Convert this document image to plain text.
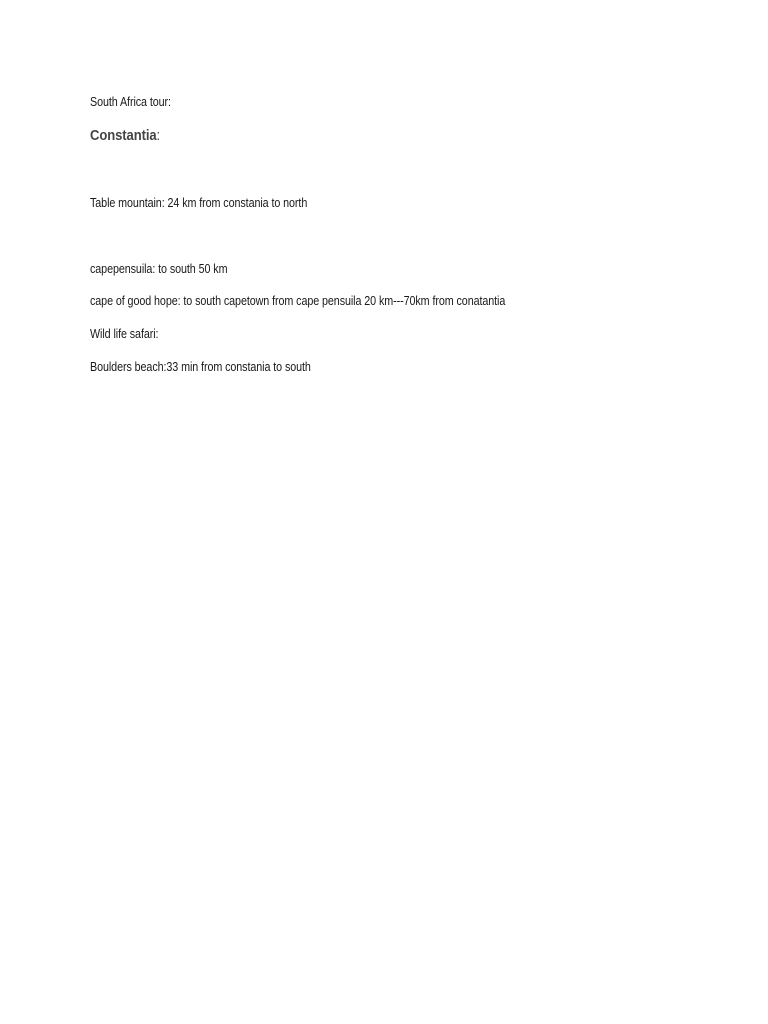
South Africa tour:
Constantia:
Table mountain: 24 km from constania to north
capepensuila: to south 50 km
cape of good hope: to south capetown from cape pensuila 20 km---70km from conatantia
Wild life safari:
Boulders beach:33 min from constania to south
